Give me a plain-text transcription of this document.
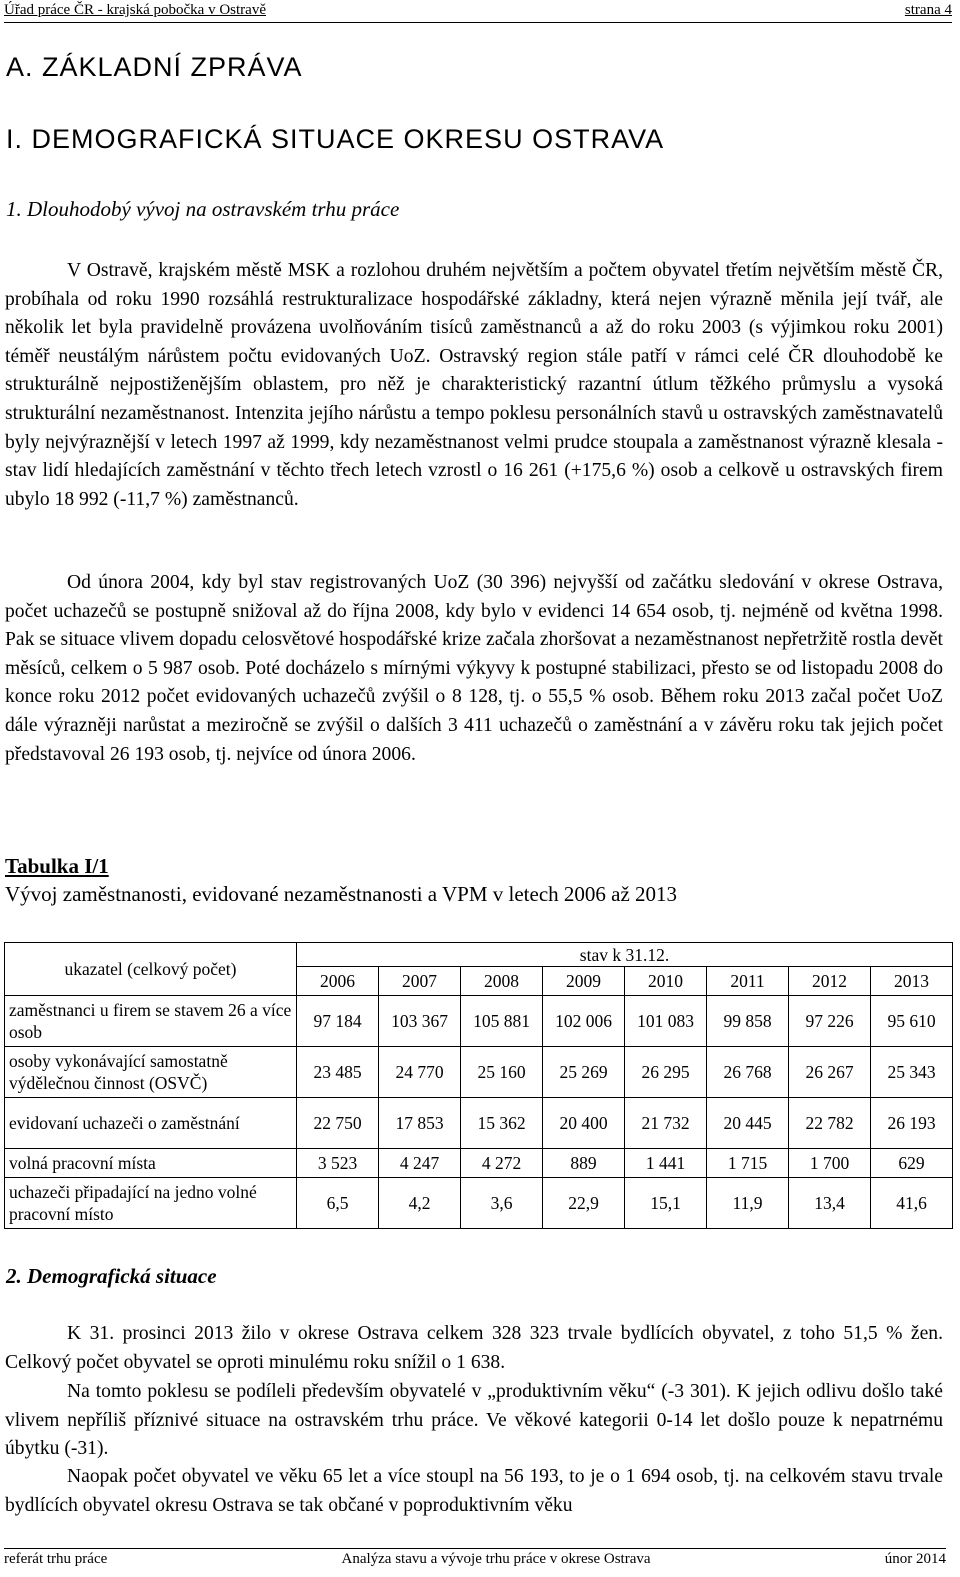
Úřad práce ČR - krajská pobočka v Ostravě	strana 4
A. ZÁKLADNÍ ZPRÁVA
I. DEMOGRAFICKÁ SITUACE OKRESU OSTRAVA
1. Dlouhodobý vývoj na ostravském trhu práce

V Ostravě, krajském městě MSK a rozlohou druhém největším a počtem obyvatel třetím největším městě ČR, probíhala od roku 1990 rozsáhlá restrukturalizace hospodářské základny, která nejen výrazně měnila její tvář, ale několik let byla pravidelně provázena uvolňováním tisíců zaměstnanců a až do roku 2003 (s výjimkou roku 2001) téměř neustálým nárůstem počtu evidovaných UoZ. Ostravský region stále patří v rámci celé ČR dlouhodobě ke strukturálně nejpostiženějším oblastem, pro něž je charakteristický razantní útlum těžkého průmyslu a vysoká strukturální nezaměstnanost. Intenzita jejího nárůstu a tempo poklesu personálních stavů u ostravských zaměstnavatelů byly nejvýraznější v letech 1997 až 1999, kdy nezaměstnanost velmi prudce stoupala a zaměstnanost výrazně klesala - stav lidí hledajících zaměstnání v těchto třech letech vzrostl o 16 261 (+175,6 %) osob a celkově u ostravských firem ubylo 18 992 (-11,7 %) zaměstnanců.

Od února 2004, kdy byl stav registrovaných UoZ (30 396) nejvyšší od začátku sledování v okrese Ostrava, počet uchazečů se postupně snižoval až do října 2008, kdy bylo v evidenci 14 654 osob, tj. nejméně od května 1998. Pak se situace vlivem dopadu celosvětové hospodářské krize začala zhoršovat a nezaměstnanost nepřetržitě rostla devět měsíců, celkem o 5 987 osob. Poté docházelo s mírnými výkyvy k postupné stabilizaci, přesto se od listopadu 2008 do konce roku 2012 počet evidovaných uchazečů zvýšil o 8 128, tj. o 55,5 % osob. Během roku 2013 začal počet UoZ dále výrazněji narůstat a meziročně se zvýšil o dalších 3 411 uchazečů o zaměstnání a v závěru roku tak jejich počet představoval 26 193 osob, tj. nejvíce od února 2006.

Tabulka I/1
Vývoj zaměstnanosti, evidované nezaměstnanosti a VPM v letech 2006 až 2013
ukazatel (celkový počet)	stav k 31.12.							
	2006	2007	2008	2009	2010	2011	2012	2013
zaměstnanci u firem se stavem 26 a více osob	97 184	103 367	105 881	102 006	101 083	99 858	97 226	95 610
osoby vykonávající samostatně výdělečnou činnost (OSVČ)	23 485	24 770	25 160	25 269	26 295	26 768	26 267	25 343
evidovaní uchazeči o zaměstnání	22 750	17 853	15 362	20 400	21 732	20 445	22 782	26 193
volná pracovní místa	3 523	4 247	4 272	889	1 441	1 715	1 700	629
uchazeči připadající na jedno volné pracovní místo	6,5	4,2	3,6	22,9	15,1	11,9	13,4	41,6
2. Demografická situace

K 31. prosinci 2013 žilo v okrese Ostrava celkem 328 323 trvale bydlících obyvatel, z toho 51,5 % žen. Celkový počet obyvatel se oproti minulému roku snížil o 1 638.

Na tomto poklesu se podíleli především obyvatelé v „produktivním věku“ (-3 301). K jejich odlivu došlo také vlivem nepříliš příznivé situace na ostravském trhu práce. Ve věkové kategorii 0-14 let došlo pouze k nepatrnému úbytku (-31).

Naopak počet obyvatel ve věku 65 let a více stoupl na 56 193, to je o 1 694 osob, tj. na celkovém stavu trvale bydlících obyvatel okresu Ostrava se tak občané v poproduktivním věku

referát trhu práce	Analýza stavu a vývoje trhu práce v okrese Ostrava	únor 2014
